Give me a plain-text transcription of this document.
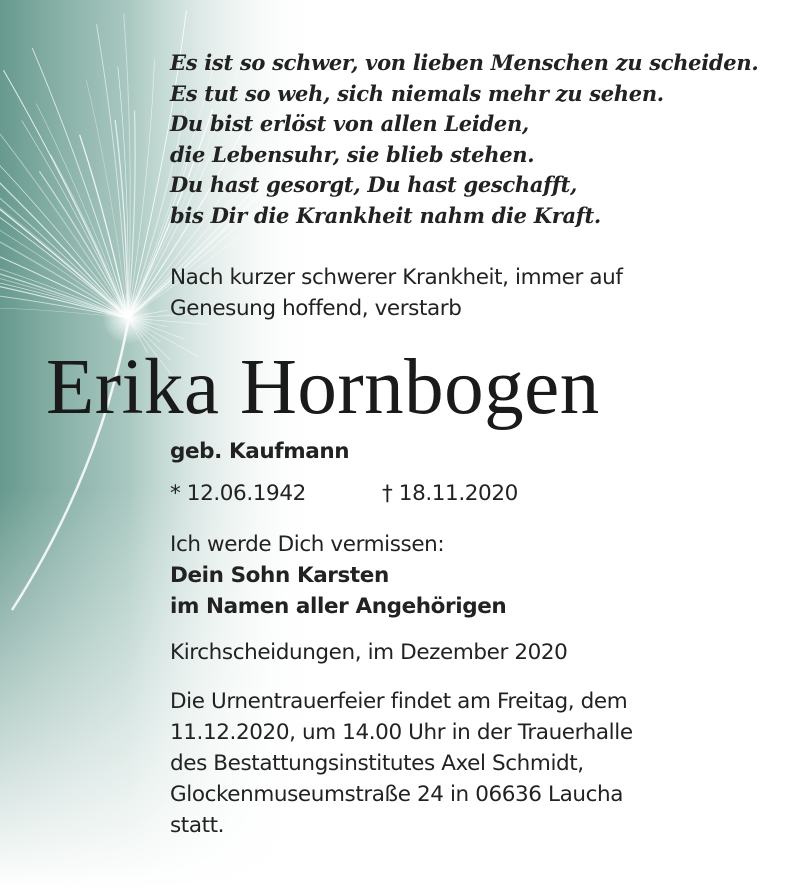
Es ist so schwer, von lieben Menschen zu scheiden.
Es tut so weh, sich niemals mehr zu sehen.
Du bist erlöst von allen Leiden,
die Lebensuhr, sie blieb stehen.
Du hast gesorgt, Du hast geschafft,
bis Dir die Krankheit nahm die Kraft.
Nach kurzer schwerer Krankheit, immer auf
Genesung hoffend, verstarb
Erika Hornbogen
geb. Kaufmann
* 12.06.1942	† 18.11.2020
Ich werde Dich vermissen:
Dein Sohn Karsten
im Namen aller Angehörigen
Kirchscheidungen, im Dezember 2020
Die Urnentrauerfeier findet am Freitag, dem
11.12.2020, um 14.00 Uhr in der Trauerhalle
des Bestattungsinstitutes Axel Schmidt,
Glockenmuseumstraße 24 in 06636 Laucha
statt.
